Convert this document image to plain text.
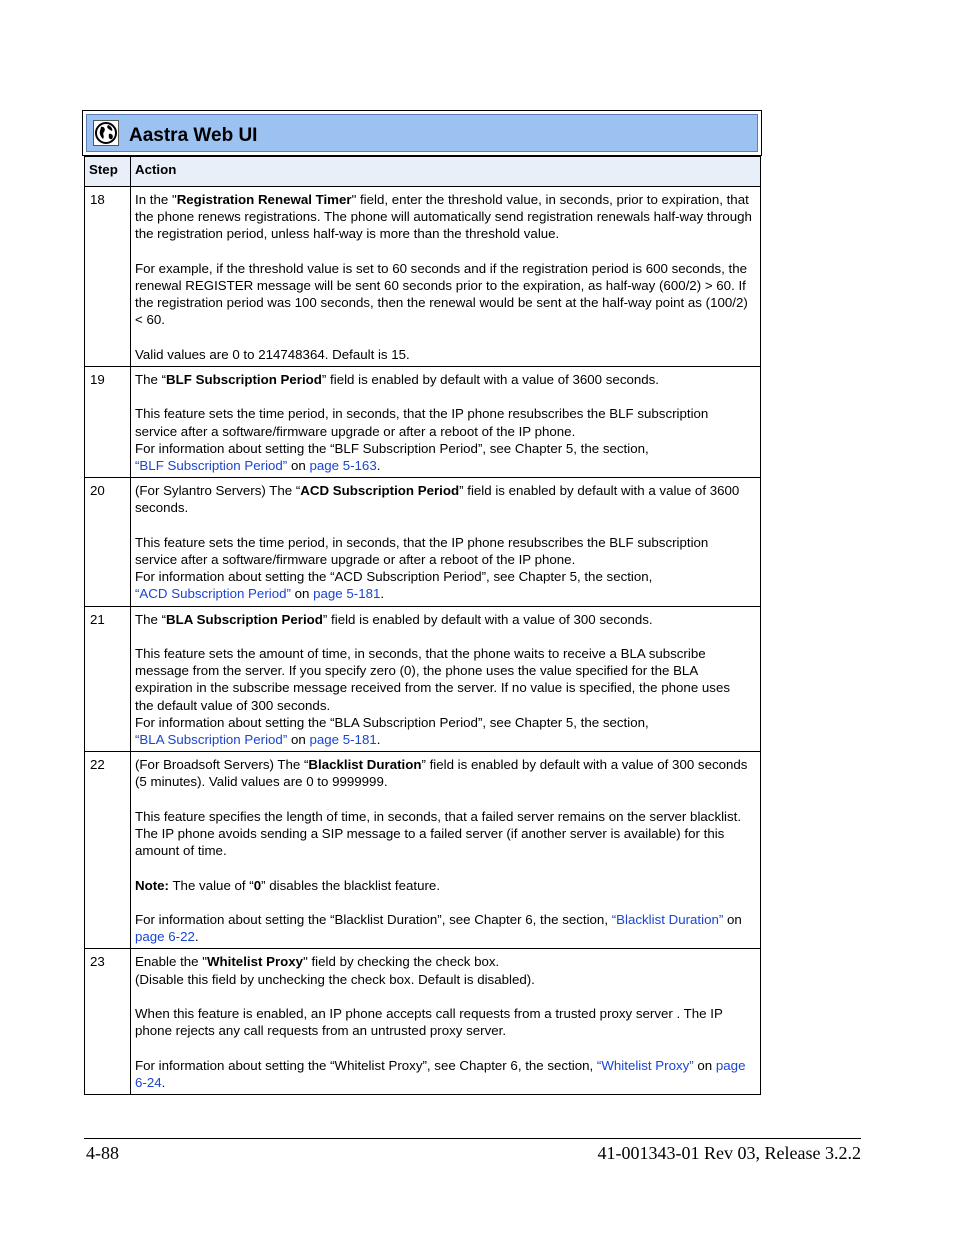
Aastra Web UI
Step	Action
18	In the "Registration Renewal Timer" field, enter the threshold value, in seconds, prior to expiration, that the phone renews registrations. The phone will automatically send registration renewals half-way through the registration period, unless half-way is more than the threshold value.

For example, if the threshold value is set to 60 seconds and if the registration period is 600 seconds, the renewal REGISTER message will be sent 60 seconds prior to the expiration, as half-way (600/2) > 60. If the registration period was 100 seconds, then the renewal would be sent at the half-way point as (100/2) < 60.

Valid values are 0 to 214748364. Default is 15.

19	The “BLF Subscription Period” field is enabled by default with a value of 3600 seconds.

This feature sets the time period, in seconds, that the IP phone resubscribes the BLF subscription service after a software/firmware upgrade or after a reboot of the IP phone.

For information about setting the “BLF Subscription Period”, see Chapter 5, the section,
“BLF Subscription Period” on page 5-163.

20	(For Sylantro Servers) The “ACD Subscription Period” field is enabled by default with a value of 3600 seconds.

This feature sets the time period, in seconds, that the IP phone resubscribes the BLF subscription service after a software/firmware upgrade or after a reboot of the IP phone.

For information about setting the “ACD Subscription Period”, see Chapter 5, the section,
“ACD Subscription Period” on page 5-181.

21	The “BLA Subscription Period” field is enabled by default with a value of 300 seconds.

This feature sets the amount of time, in seconds, that the phone waits to receive a BLA subscribe message from the server. If you specify zero (0), the phone uses the value specified for the BLA expiration in the subscribe message received from the server. If no value is specified, the phone uses the default value of 300 seconds.

For information about setting the “BLA Subscription Period”, see Chapter 5, the section,
“BLA Subscription Period” on page 5-181.

22	(For Broadsoft Servers) The “Blacklist Duration” field is enabled by default with a value of 300 seconds (5 minutes). Valid values are 0 to 9999999.

This feature specifies the length of time, in seconds, that a failed server remains on the server blacklist. The IP phone avoids sending a SIP message to a failed server (if another server is available) for this amount of time.

Note: The value of “0” disables the blacklist feature.

For information about setting the “Blacklist Duration”, see Chapter 6, the section, “Blacklist Duration” on page 6-22.

23	Enable the "Whitelist Proxy" field by checking the check box.

(Disable this field by unchecking the check box. Default is disabled).

When this feature is enabled, an IP phone accepts call requests from a trusted proxy server . The IP phone rejects any call requests from an untrusted proxy server.

For information about setting the “Whitelist Proxy”, see Chapter 6, the section, “Whitelist Proxy” on page 6-24.

4-88	41-001343-01 Rev 03, Release 3.2.2
